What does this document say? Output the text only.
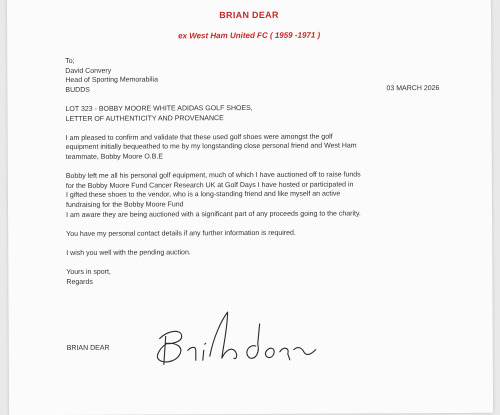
BRIAN DEAR
ex West Ham United FC ( 1959 -1971 )
To;
David Convery
Head of Sporting Memorabilia
BUDDS	03 MARCH 2026
LOT 323 - BOBBY MOORE WHITE ADIDAS GOLF SHOES,
LETTER OF AUTHENTICITY AND PROVENANCE
I am pleased to confirm and validate that these used golf shoes were amongst the golf
equipment initially bequeathed to me by my longstanding close personal friend and West Ham
teammate, Bobby Moore O.B.E
Bobby left me all his personal golf equipment, much of which I have auctioned off to raise funds
for the Bobby Moore Fund Cancer Research UK at Golf Days I have hosted or participated in
I gifted these shoes to the vendor, who is a long-standing friend and like myself an active
fundraising for the Bobby Moore Fund
I am aware they are being auctioned with a significant part of any proceeds going to the charity.
You have my personal contact details if any further information is required.
I wish you well with the pending auction.
Yours in sport,
Regards
BRIAN DEAR
